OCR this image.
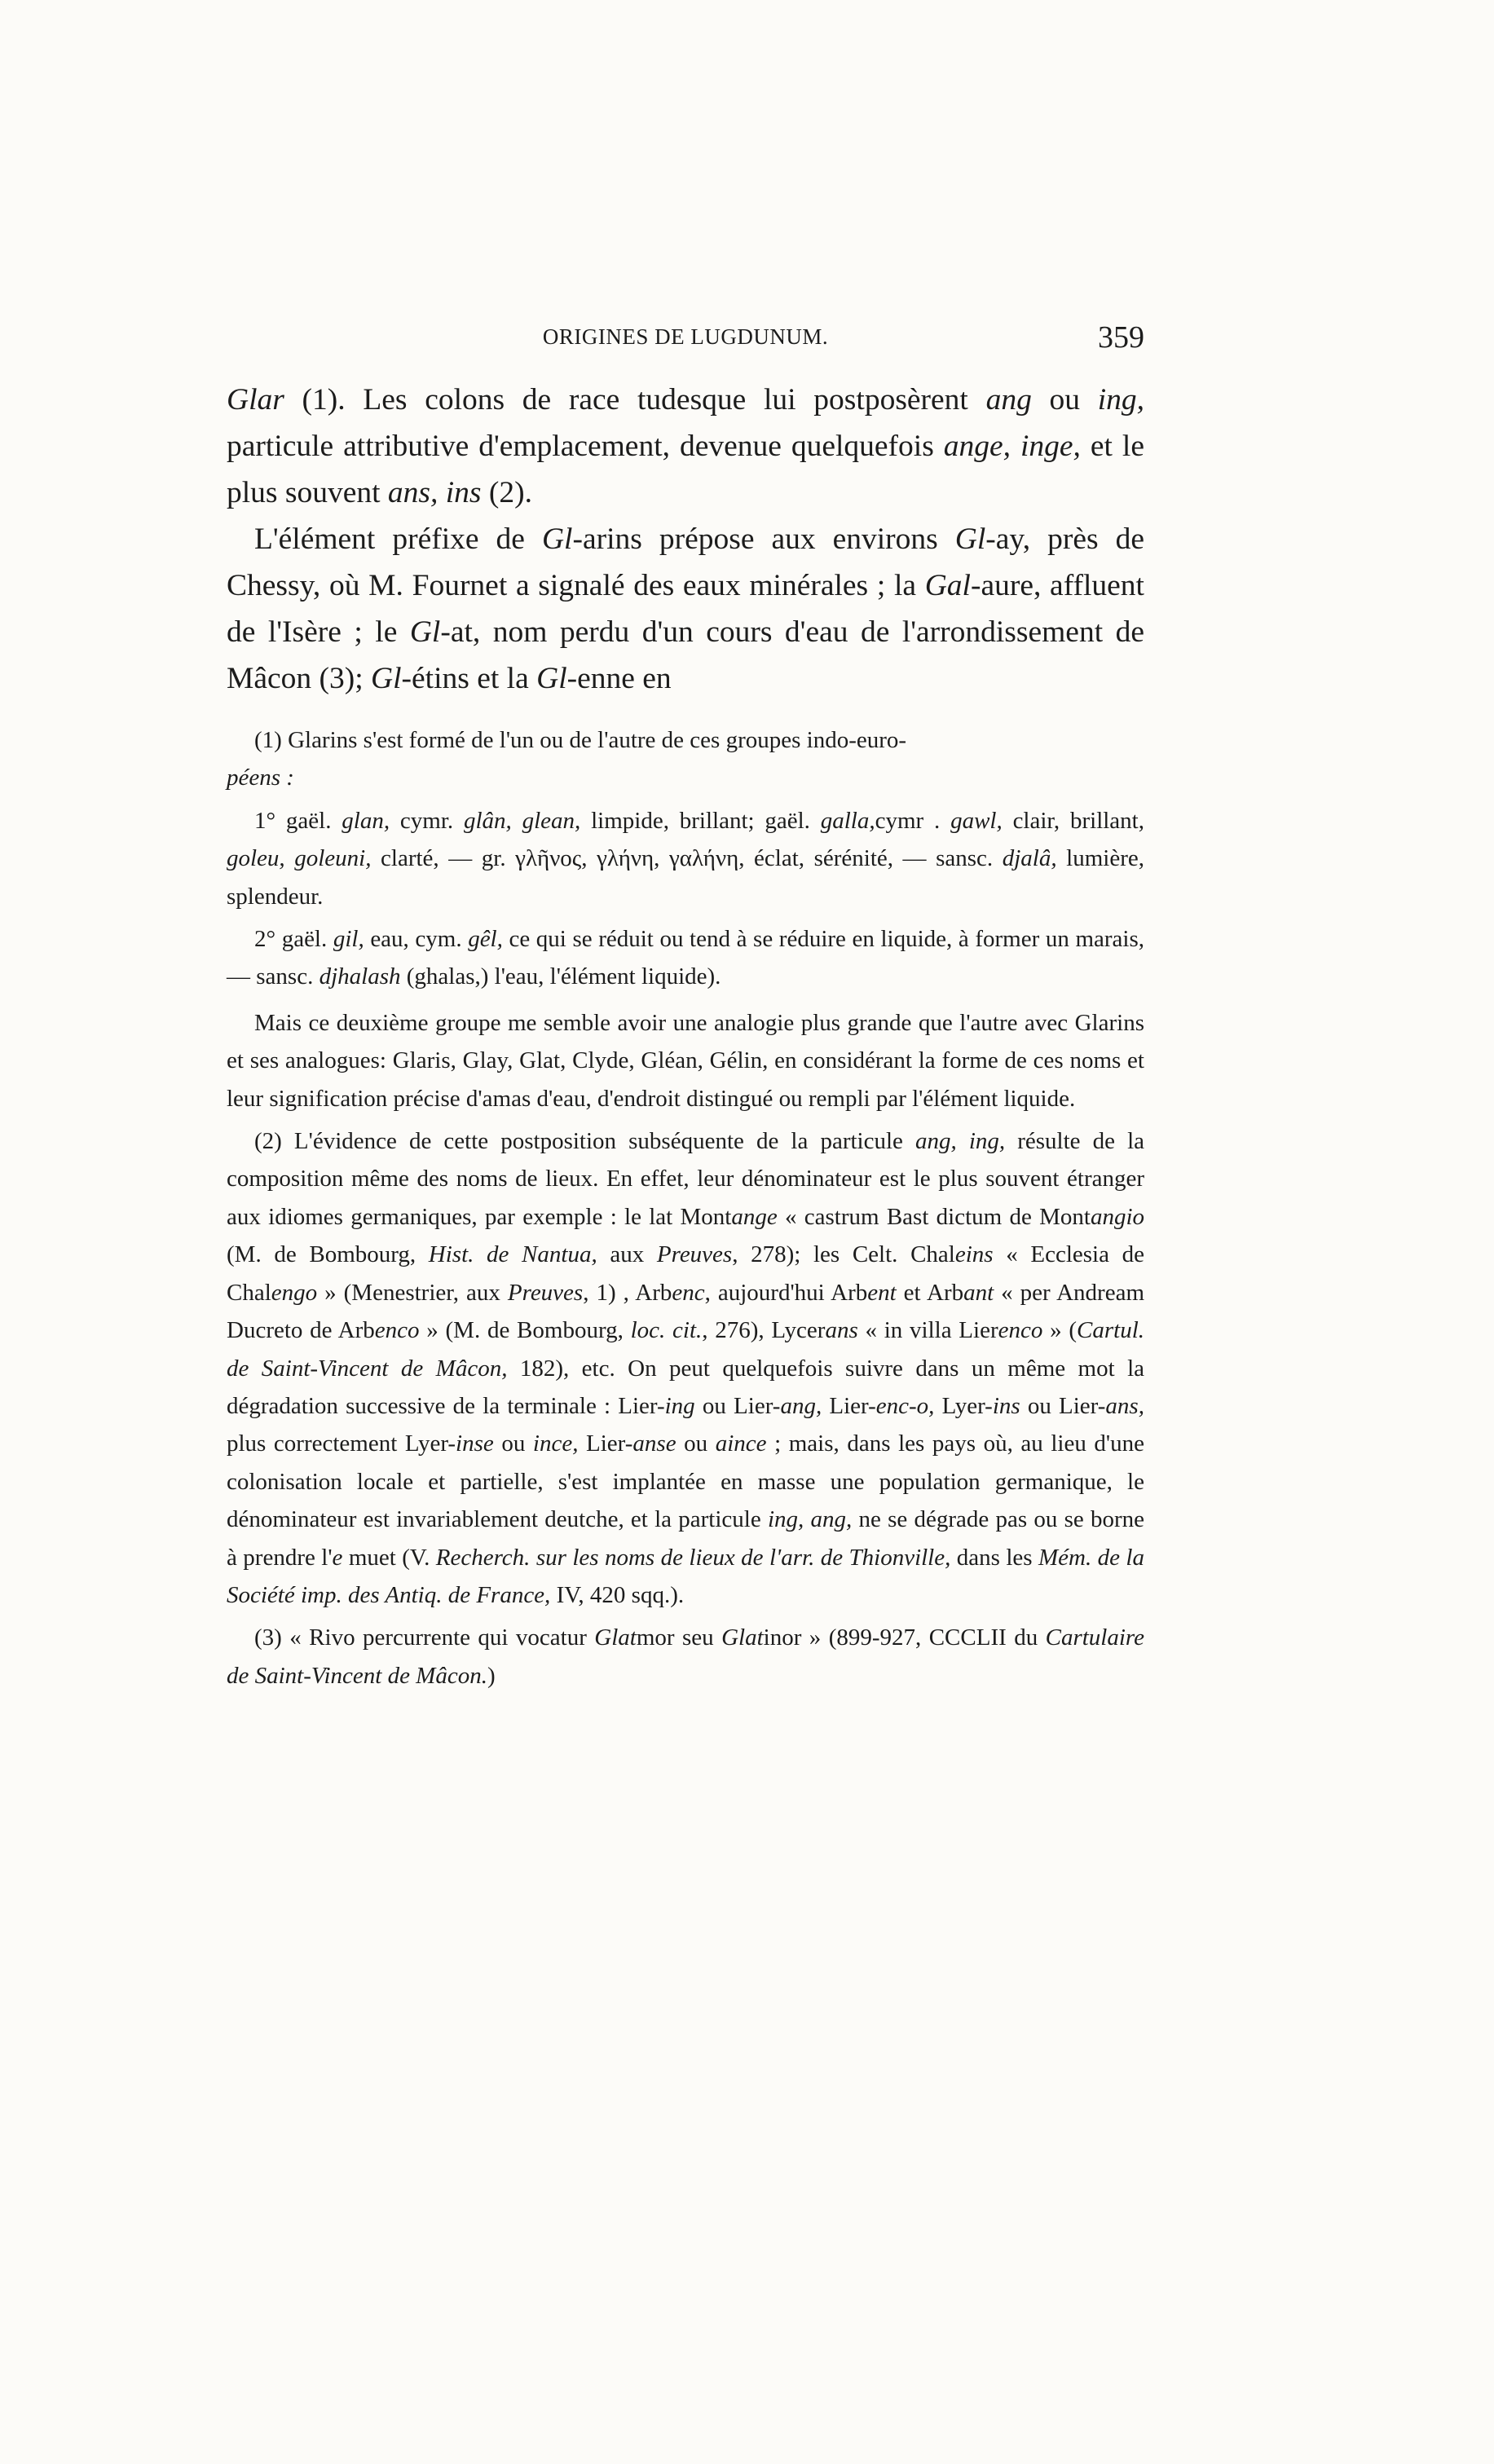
ORIGINES DE LUGDUNUM.	359

Glar (1). Les colons de race tudesque lui postposèrent ang ou ing, particule attributive d'emplacement, devenue quelquefois ange, inge, et le plus souvent ans, ins (2).

L'élément préfixe de Gl-arins prépose aux environs Gl-ay, près de Chessy, où M. Fournet a signalé des eaux minérales ; la Gal-aure, affluent de l'Isère ; le Gl-at, nom perdu d'un cours d'eau de l'arrondissement de Mâcon (3); Gl-étins et la Gl-enne en

(1) Glarins s'est formé de l'un ou de l'autre de ces groupes indo-euro-
péens :

1° gaël. glan, cymr. glân, glean, limpide, brillant; gaël. galla,cymr . gawl, clair, brillant, goleu, goleuni, clarté, — gr. γλῆνος, γλήνη, γαλήνη, éclat, sérénité, — sansc. djalâ, lumière, splendeur.

2° gaël. gil, eau, cym. gêl, ce qui se réduit ou tend à se réduire en liquide, à former un marais, — sansc. djhalash (ghalas,) l'eau, l'élément liquide).

Mais ce deuxième groupe me semble avoir une analogie plus grande que l'autre avec Glarins et ses analogues: Glaris, Glay, Glat, Clyde, Gléan, Gélin, en considérant la forme de ces noms et leur signification précise d'amas d'eau, d'endroit distingué ou rempli par l'élément liquide.

(2) L'évidence de cette postposition subséquente de la particule ang, ing, résulte de la composition même des noms de lieux. En effet, leur dénominateur est le plus souvent étranger aux idiomes germaniques, par exemple : le lat Montange « castrum Bast dictum de Montangio (M. de Bombourg, Hist. de Nantua, aux Preuves, 278); les Celt. Chaleins « Ecclesia de Chalengo » (Menestrier, aux Preuves, 1) , Arbenc, aujourd'hui Arbent et Arbant « per Andream Ducreto de Arbenco » (M. de Bombourg, loc. cit., 276), Lycerans « in villa Lierenco » (Cartul. de Saint-Vincent de Mâcon, 182), etc. On peut quelquefois suivre dans un même mot la dégradation successive de la terminale : Lier-ing ou Lier-ang, Lier-enc-o, Lyer-ins ou Lier-ans, plus correctement Lyer-inse ou ince, Lier-anse ou aince ; mais, dans les pays où, au lieu d'une colonisation locale et partielle, s'est implantée en masse une population germanique, le dénominateur est invariablement deutche, et la particule ing, ang, ne se dégrade pas ou se borne à prendre l'e muet (V. Recherch. sur les noms de lieux de l'arr. de Thionville, dans les Mém. de la Société imp. des Antiq. de France, IV, 420 sqq.).

(3) « Rivo percurrente qui vocatur Glatmor seu Glatinor » (899-927, CCCLII du Cartulaire de Saint-Vincent de Mâcon.)
